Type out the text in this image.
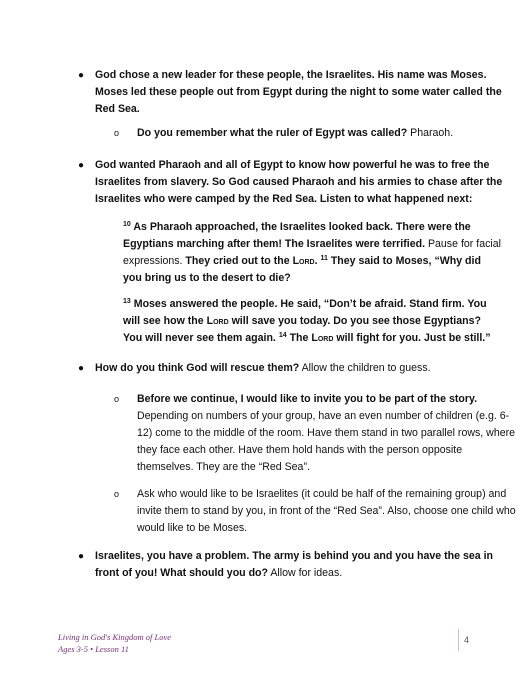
● God chose a new leader for these people, the Israelites. His name was Moses.
Moses led these people out from Egypt during the night to some water called the
Red Sea.
o Do you remember what the ruler of Egypt was called? Pharaoh.
● God wanted Pharaoh and all of Egypt to know how powerful he was to free the
Israelites from slavery. So God caused Pharaoh and his armies to chase after the
Israelites who were camped by the Red Sea. Listen to what happened next:
$^{10}$ As Pharaoh approached, the Israelites looked back. There were the
Egyptians marching after them! The Israelites were terrified. Pause for facial
expressions. They cried out to the Lord. $^{11}$ They said to Moses, “Why did
you bring us to the desert to die?
$^{13}$ Moses answered the people. He said, “Don’t be afraid. Stand firm. You
will see how the Lord will save you today. Do you see those Egyptians?
You will never see them again. $^{14}$ The Lord will fight for you. Just be still.”
● How do you think God will rescue them? Allow the children to guess.
o Before we continue, I would like to invite you to be part of the story.
Depending on numbers of your group, have an even number of children (e.g. 6-
12) come to the middle of the room. Have them stand in two parallel rows, where
they face each other. Have them hold hands with the person opposite
themselves. They are the “Red Sea”.
o Ask who would like to be Israelites (it could be half of the remaining group) and
invite them to stand by you, in front of the “Red Sea”. Also, choose one child who
would like to be Moses.
● Israelites, you have a problem. The army is behind you and you have the sea in
front of you! What should you do? Allow for ideas.
Living in God's Kingdom of Love
Ages 3-5 • Lesson 11
4
